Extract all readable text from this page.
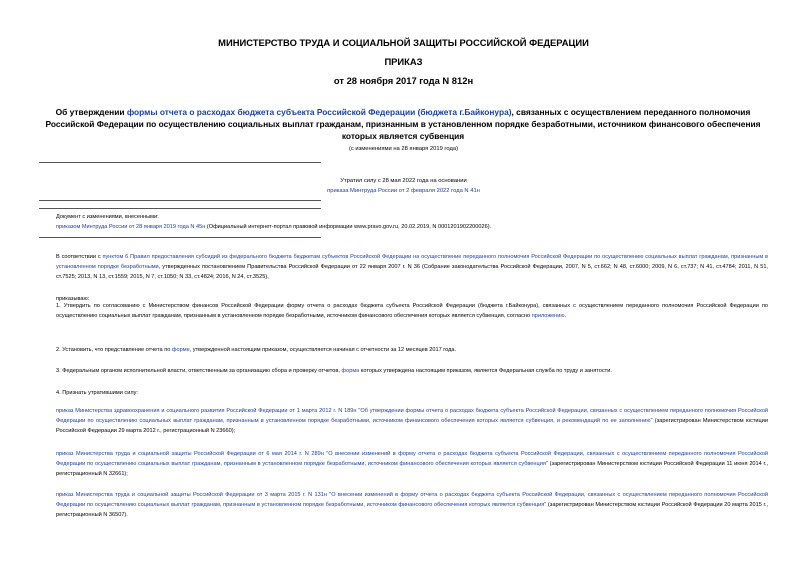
МИНИСТЕРСТВО ТРУДА И СОЦИАЛЬНОЙ ЗАЩИТЫ РОССИЙСКОЙ ФЕДЕРАЦИИ
ПРИКАЗ
от 28 ноября 2017 года N 812н
Об утверждении формы отчета о расходах бюджета субъекта Российской Федерации (бюджета г.Байконура), связанных с осуществлением переданного полномочия Российской Федерации по осуществлению социальных выплат гражданам, признанным в установленном порядке безработными, источником финансового обеспечения которых является субвенция
(с изменениями на 28 января 2019 года)
Утратил силу с 28 мая 2022 года на основании
приказа Минтруда России от 2 февраля 2022 года N 41н
Документ с изменениями, внесенными:
приказом Минтруда России от 28 января 2019 года N 45н (Официальный интернет-портал правовой информации www.pravo.gov.ru, 20.02.2019, N 0001201902200026).
В соответствии с пунктом 6 Правил предоставления субсидий из федерального бюджета бюджетам субъектов Российской Федерации на осуществление переданного полномочия Российской Федерации по осуществлению социальных выплат гражданам, признанным в установленном порядке безработными, утвержденных постановлением Правительства Российской Федерации от 22 января 2007 г. N 36 (Собрание законодательства Российской Федерации, 2007, N 5, ст.662; N 48, ст.6000; 2009, N 6, ст.737; N 41, ст.4784; 2011, N 51, ст.7525; 2013, N 13, ст.1559; 2015, N 7, ст.1050; N 33, ст.4824; 2016, N 24, ст.3525),
приказываю:
1. Утвердить по согласованию с Министерством финансов Российской Федерации форму отчета о расходах бюджета субъекта Российской Федерации (бюджета г.Байконура), связанных с осуществлением переданного полномочия Российской Федерации по осуществлению социальных выплат гражданам, признанным в установленном порядке безработными, источником финансового обеспечения которых является субвенция, согласно приложению.
2. Установить, что представление отчета по форме, утвержденной настоящим приказом, осуществляется начиная с отчетности за 12 месяцев 2017 года.
3. Федеральным органом исполнительной власти, ответственным за организацию сбора и проверку отчетов, форма которых утверждена настоящим приказом, является Федеральная служба по труду и занятости.
4. Признать утратившими силу:
приказ Министерства здравоохранения и социального развития Российской Федерации от 1 марта 2012 г. N 189н "Об утверждении формы отчета о расходах бюджета субъекта Российской Федерации, связанных с осуществлением переданного полномочия Российской Федерации по осуществлению социальных выплат гражданам, признанным в установленном порядке безработными, источником финансового обеспечения которых является субвенция, и рекомендаций по ее заполнению" (зарегистрирован Министерством юстиции Российской Федерации 29 марта 2012 г., регистрационный N 23660);
приказ Министерства труда и социальной защиты Российской Федерации от 6 мая 2014 г. N 289н "О внесении изменений в форму отчета о расходах бюджета субъекта Российской Федерации, связанных с осуществлением переданного полномочия Российской Федерации по осуществлению социальных выплат гражданам, признанным в установленном порядке безработными, источником финансового обеспечения которых является субвенция" (зарегистрирован Министерством юстиции Российской Федерации 11 июня 2014 г., регистрационный N 32661);
приказ Министерства труда и социальной защиты Российской Федерации от 3 марта 2015 г. N 131н "О внесении изменений в форму отчета о расходах бюджета субъекта Российской Федерации, связанных с осуществлением переданного полномочия Российской Федерации по осуществлению социальных выплат гражданам, признанным в установленном порядке безработными, источником финансового обеспечения которых является субвенция" (зарегистрирован Министерством юстиции Российской Федерации 20 марта 2015 г., регистрационный N 36507).
